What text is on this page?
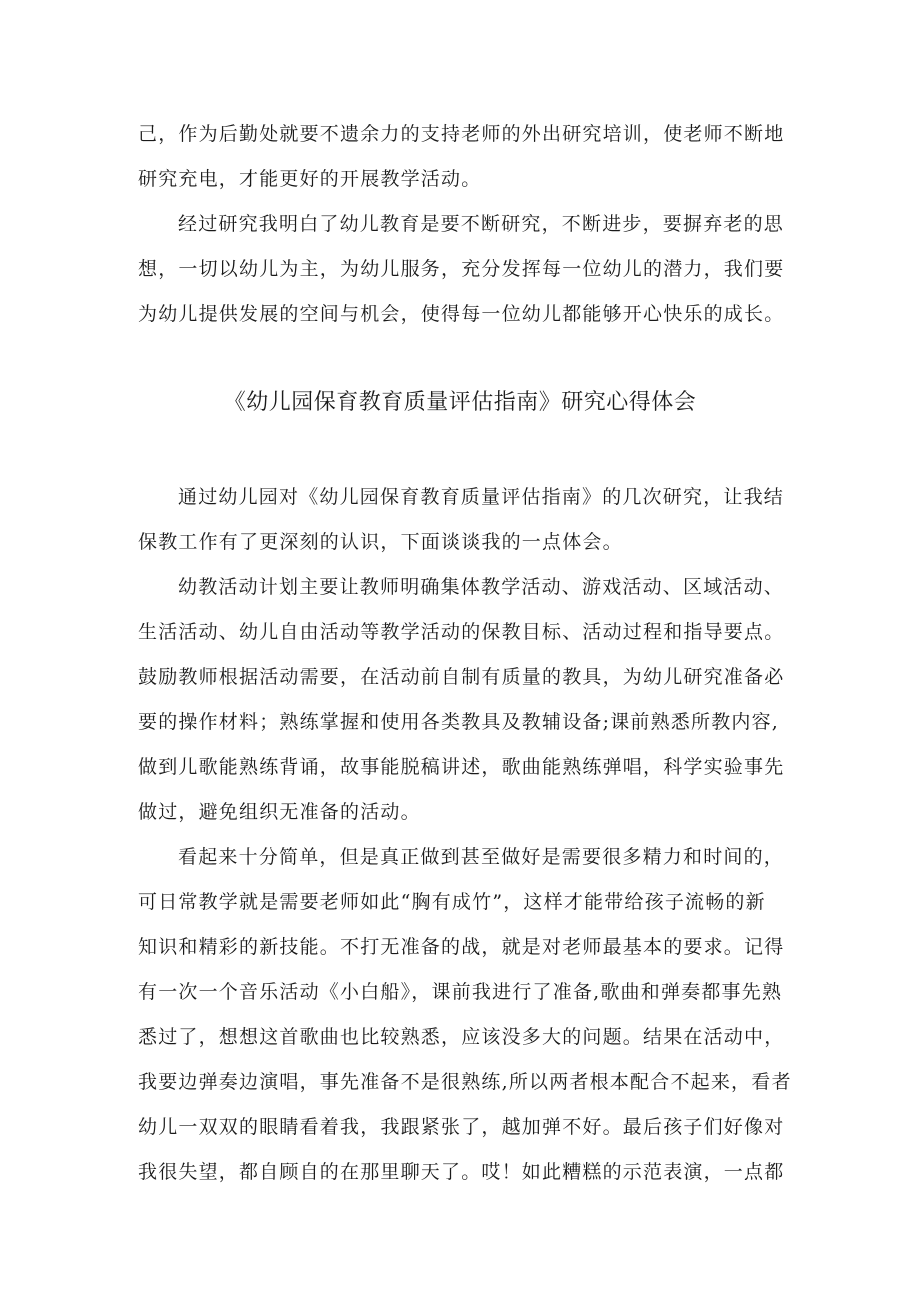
己，作为后勤处就要不遗余力的支持老师的外出研究培训，使老师不断地
研究充电，才能更好的开展教学活动。
经过研究我明白了幼儿教育是要不断研究，不断进步，要摒弃老的思
想，一切以幼儿为主，为幼儿服务，充分发挥每一位幼儿的潜力，我们要
为幼儿提供发展的空间与机会，使得每一位幼儿都能够开心快乐的成长。
《幼儿园保育教育质量评估指南》研究心得体会
通过幼儿园对《幼儿园保育教育质量评估指南》的几次研究，让我结
保教工作有了更深刻的认识，下面谈谈我的一点体会。
幼教活动计划主要让教师明确集体教学活动、游戏活动、区域活动、
生活活动、幼儿自由活动等教学活动的保教目标、活动过程和指导要点。
鼓励教师根据活动需要，在活动前自制有质量的教具，为幼儿研究准备必
要的操作材料；熟练掌握和使用各类教具及教辅设备;课前熟悉所教内容,
做到儿歌能熟练背诵，故事能脱稿讲述，歌曲能熟练弹唱，科学实验事先
做过，避免组织无准备的活动。
看起来十分简单，但是真正做到甚至做好是需要很多精力和时间的，
可日常教学就是需要老师如此“胸有成竹”，这样才能带给孩子流畅的新
知识和精彩的新技能。不打无准备的战，就是对老师最基本的要求。记得
有一次一个音乐活动《小白船》，课前我进行了准备,歌曲和弹奏都事先熟
悉过了，想想这首歌曲也比较熟悉，应该没多大的问题。结果在活动中，
我要边弹奏边演唱，事先准备不是很熟练,所以两者根本配合不起来，看者
幼儿一双双的眼睛看着我，我跟紧张了，越加弹不好。最后孩子们好像对
我很失望，都自顾自的在那里聊天了。哎！如此糟糕的示范表演，一点都
